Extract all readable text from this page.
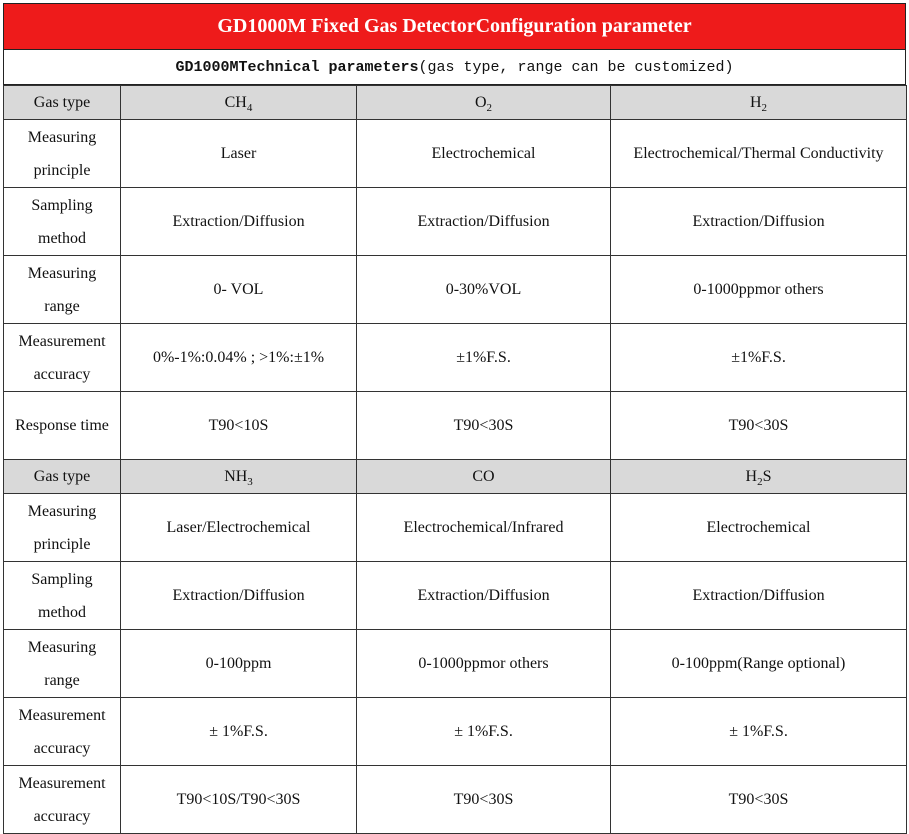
GD1000M Fixed Gas DetectorConfiguration parameter
GD1000MTechnical parameters (gas type, range can be customized)
Gas type	$CH_4$	$O_2$	$H_2$
Measuring principle	Laser	Electrochemical	Electrochemical/Thermal Conductivity
Sampling method	Extraction/Diffusion	Extraction/Diffusion	Extraction/Diffusion
Measuring range	0- VOL	0-30%VOL	0-1000ppmor others
Measurement accuracy	0%-1%:0.04% ; >1%:±1%	±1%F.S.	±1%F.S.
Response time	T90<10S	T90<30S	T90<30S
Gas type	$NH_3$	CO	$H_2S$
Measuring principle	Laser/Electrochemical	Electrochemical/Infrared	Electrochemical
Sampling method	Extraction/Diffusion	Extraction/Diffusion	Extraction/Diffusion
Measuring range	0-100ppm	0-1000ppmor others	0-100ppm(Range optional)
Measurement accuracy	± 1%F.S.	± 1%F.S.	± 1%F.S.
Measurement accuracy	T90<10S/T90<30S	T90<30S	T90<30S
